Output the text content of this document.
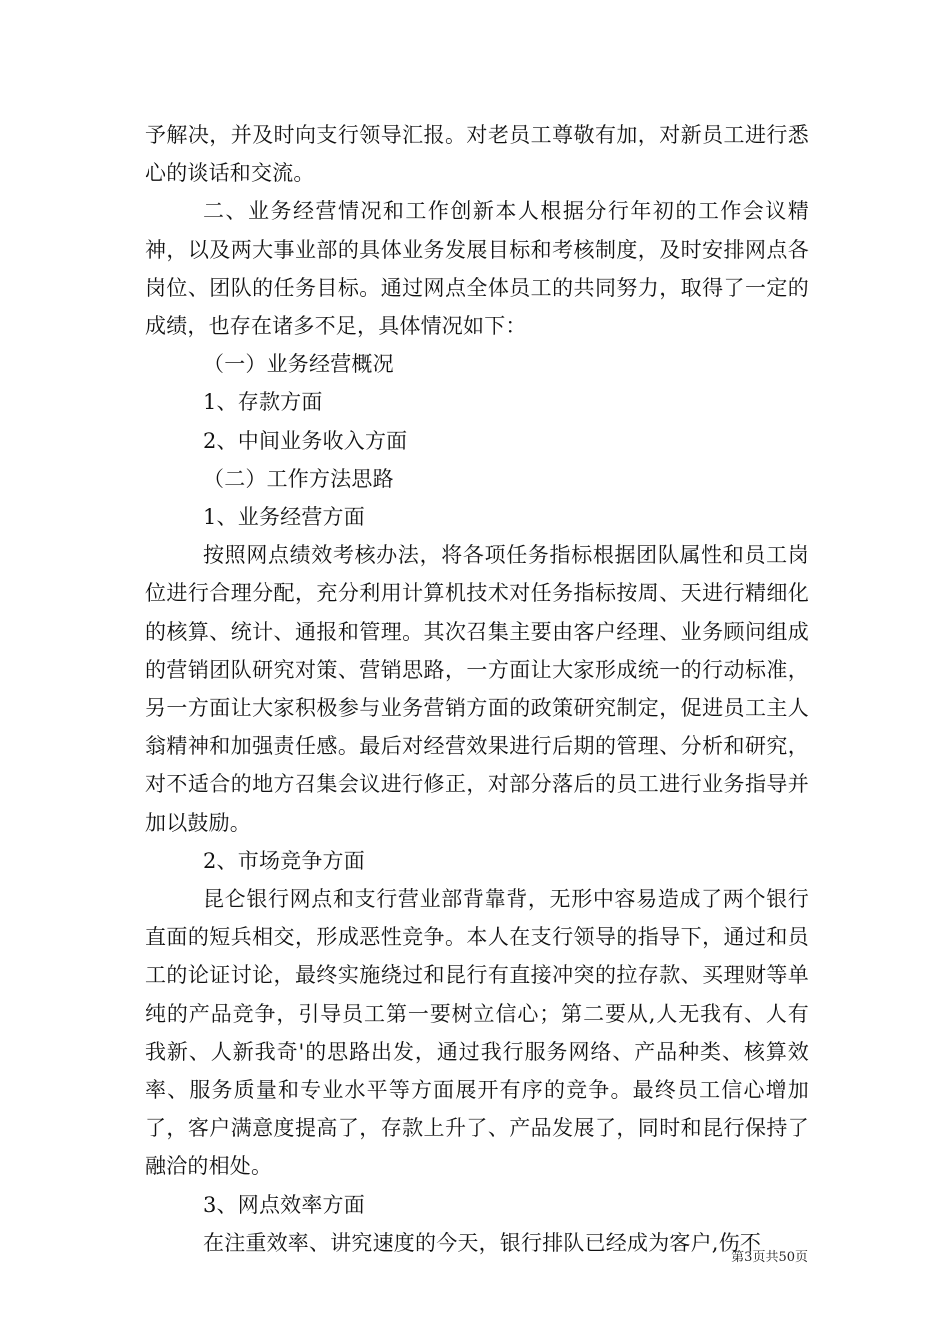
予解决，并及时向支行领导汇报。对老员工尊敬有加，对新员工进行悉心的谈话和交流。

二、业务经营情况和工作创新本人根据分行年初的工作会议精神，以及两大事业部的具体业务发展目标和考核制度，及时安排网点各岗位、团队的任务目标。通过网点全体员工的共同努力，取得了一定的成绩，也存在诸多不足，具体情况如下：

（一）业务经营概况

1、存款方面

2、中间业务收入方面

（二）工作方法思路

1、业务经营方面

按照网点绩效考核办法，将各项任务指标根据团队属性和员工岗位进行合理分配，充分利用计算机技术对任务指标按周、天进行精细化的核算、统计、通报和管理。其次召集主要由客户经理、业务顾问组成的营销团队研究对策、营销思路，一方面让大家形成统一的行动标准，另一方面让大家积极参与业务营销方面的政策研究制定，促进员工主人翁精神和加强责任感。最后对经营效果进行后期的管理、分析和研究，对不适合的地方召集会议进行修正，对部分落后的员工进行业务指导并加以鼓励。

2、市场竞争方面

昆仑银行网点和支行营业部背靠背，无形中容易造成了两个银行直面的短兵相交，形成恶性竞争。本人在支行领导的指导下，通过和员工的论证讨论，最终实施绕过和昆行有直接冲突的拉存款、买理财等单纯的产品竞争，引导员工第一要树立信心；第二要从,人无我有、人有我新、人新我奇'的思路出发，通过我行服务网络、产品种类、核算效率、服务质量和专业水平等方面展开有序的竞争。最终员工信心增加了，客户满意度提高了，存款上升了、产品发展了，同时和昆行保持了融洽的相处。

3、网点效率方面

在注重效率、讲究速度的今天，银行排队已经成为客户,伤不

第3页共50页
